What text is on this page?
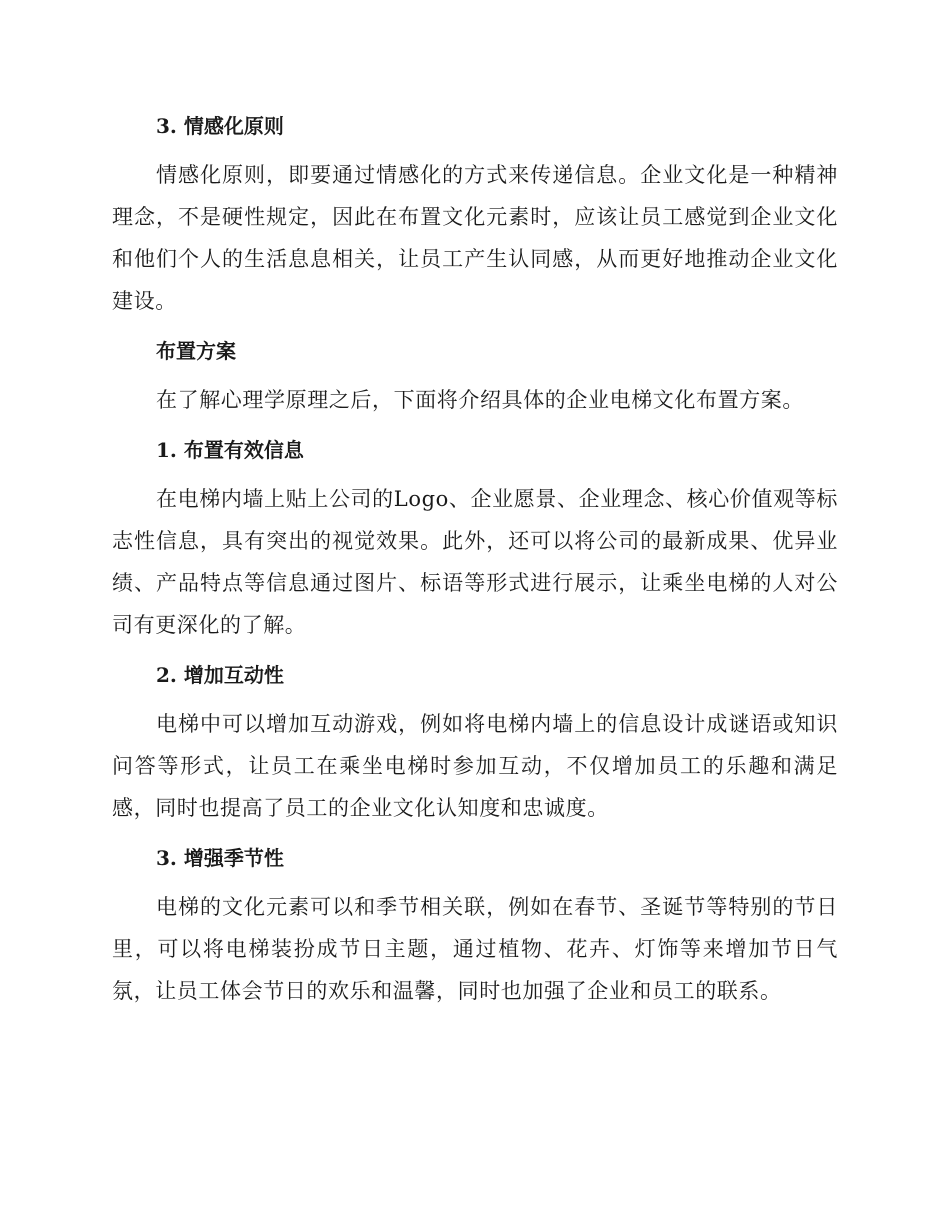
3. 情感化原则

情感化原则，即要通过情感化的方式来传递信息。企业文化是一种精神理念，不是硬性规定，因此在布置文化元素时，应该让员工感觉到企业文化和他们个人的生活息息相关，让员工产生认同感，从而更好地推动企业文化建设。

布置方案

在了解心理学原理之后，下面将介绍具体的企业电梯文化布置方案。

1. 布置有效信息

在电梯内墙上贴上公司的Logo、企业愿景、企业理念、核心价值观等标志性信息，具有突出的视觉效果。此外，还可以将公司的最新成果、优异业绩、产品特点等信息通过图片、标语等形式进行展示，让乘坐电梯的人对公司有更深化的了解。

2. 增加互动性

电梯中可以增加互动游戏，例如将电梯内墙上的信息设计成谜语或知识问答等形式，让员工在乘坐电梯时参加互动，不仅增加员工的乐趣和满足感，同时也提高了员工的企业文化认知度和忠诚度。

3. 增强季节性

电梯的文化元素可以和季节相关联，例如在春节、圣诞节等特别的节日里，可以将电梯装扮成节日主题，通过植物、花卉、灯饰等来增加节日气氛，让员工体会节日的欢乐和温馨，同时也加强了企业和员工的联系。
